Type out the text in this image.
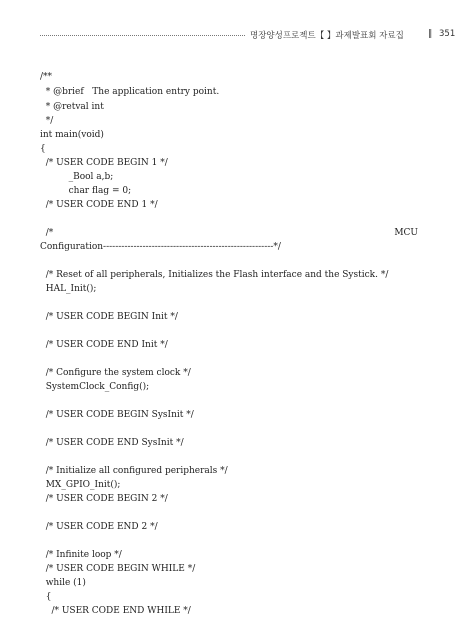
명장양성프로젝트【 】과제발표회 자료집	‖ 351

/**

* @brief   The application entry point.

* @retval int

*/

int main(void)

{

/* USER CODE BEGIN 1 */

_Bool a,b;

char flag = 0;

/* USER CODE END 1 */

/*

	MCU

Configuration--------------------------------------------------------*/

/* Reset of all peripherals, Initializes the Flash interface and the Systick. */

HAL_Init();

/* USER CODE BEGIN Init */

/* USER CODE END Init */

/* Configure the system clock */

SystemClock_Config();

/* USER CODE BEGIN SysInit */

/* USER CODE END SysInit */

/* Initialize all configured peripherals */

MX_GPIO_Init();

/* USER CODE BEGIN 2 */

/* USER CODE END 2 */

/* Infinite loop */

/* USER CODE BEGIN WHILE */

while (1)

{

/* USER CODE END WHILE */
